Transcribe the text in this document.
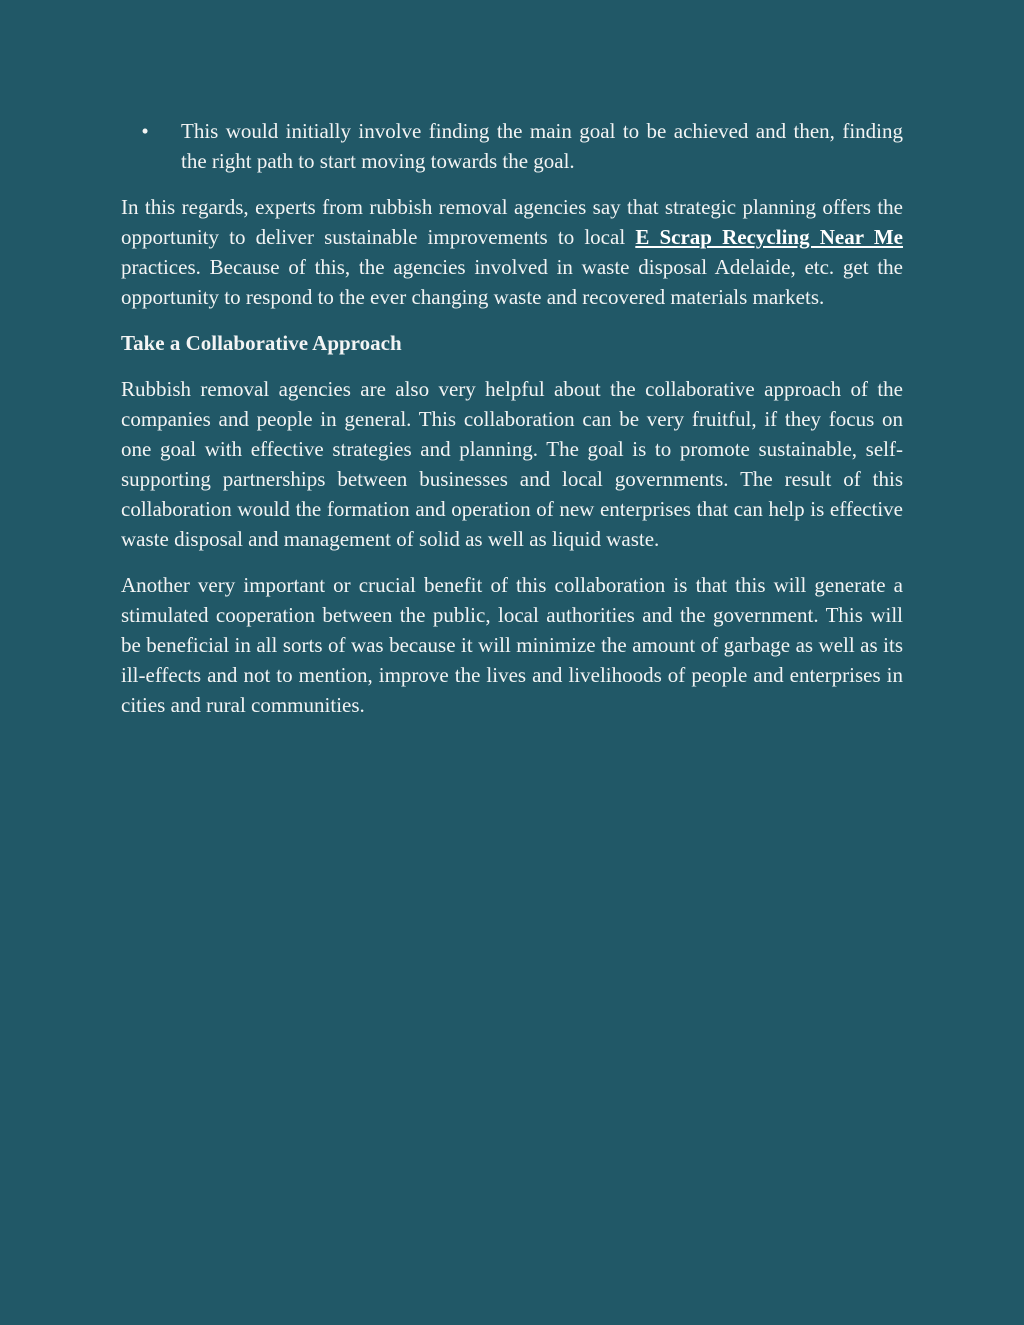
• This would initially involve finding the main goal to be achieved and then, finding the right path to start moving towards the goal.

In this regards, experts from rubbish removal agencies say that strategic planning offers the opportunity to deliver sustainable improvements to local E Scrap Recycling Near Me practices. Because of this, the agencies involved in waste disposal Adelaide, etc. get the opportunity to respond to the ever changing waste and recovered materials markets.

Take a Collaborative Approach

Rubbish removal agencies are also very helpful about the collaborative approach of the companies and people in general. This collaboration can be very fruitful, if they focus on one goal with effective strategies and planning. The goal is to promote sustainable, self-supporting partnerships between businesses and local governments. The result of this collaboration would the formation and operation of new enterprises that can help is effective waste disposal and management of solid as well as liquid waste.

Another very important or crucial benefit of this collaboration is that this will generate a stimulated cooperation between the public, local authorities and the government. This will be beneficial in all sorts of was because it will minimize the amount of garbage as well as its ill-effects and not to mention, improve the lives and livelihoods of people and enterprises in cities and rural communities.
